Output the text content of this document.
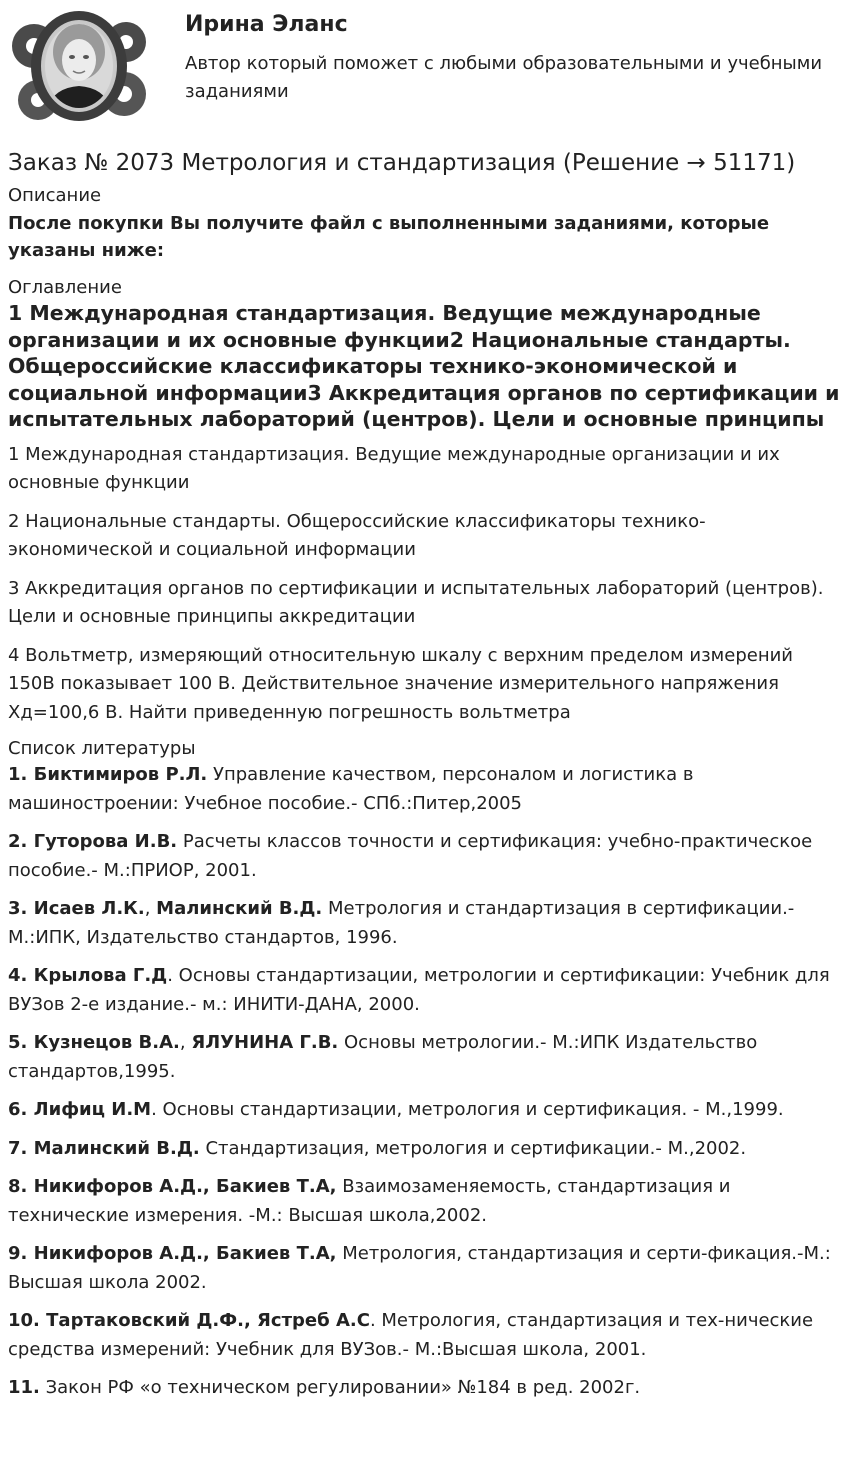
Ирина Эланс
Автор который поможет с любыми образовательными и учебными заданиями
Заказ № 2073 Метрология и стандартизация (Решение → 51171)

Описание

После покупки Вы получите файл с выполненными заданиями, которые указаны ниже:

Оглавление

1 Международная стандартизация. Ведущие международные организации и их основные функции2 Национальные стандарты. Общероссийские классификаторы технико-экономической и социальной информации3 Аккредитация органов по сертификации и испытательных лабораторий (центров). Цели и основные принципы

1 Международная стандартизация. Ведущие международные организации и их основные функции

2 Национальные стандарты. Общероссийские классификаторы технико-экономической и социальной информации

3 Аккредитация органов по сертификации и испытательных лабораторий (центров). Цели и основные принципы аккредитации

4 Вольтметр, измеряющий относительную шкалу с верхним пределом измерений 150В показывает 100 В. Действительное значение измерительного напряжения Хд=100,6 В. Найти приведенную погрешность вольтметра

Список литературы

1. Биктимиров Р.Л. Управление качеством, персоналом и логистика в машиностроении: Учебное пособие.- СПб.:Питер,2005

2. Гуторова И.В. Расчеты классов точности и сертификация: учебно-практическое пособие.- М.:ПРИОР, 2001.

3. Исаев Л.К., Малинский В.Д. Метрология и стандартизация в сертификации.- М.:ИПК, Издательство стандартов, 1996.

4. Крылова Г.Д. Основы стандартизации, метрологии и сертификации: Учебник для ВУЗов 2-е издание.- м.: ИНИТИ-ДАНА, 2000.

5. Кузнецов В.А., ЯЛУНИНА Г.В. Основы метрологии.- М.:ИПК Издательство стандартов,1995.

6. Лифиц И.М. Основы стандартизации, метрология и сертификация. - М.,1999.

7. Малинский В.Д. Стандартизация, метрология и сертификации.- М.,2002.

8. Никифоров А.Д., Бакиев Т.А, Взаимозаменяемость, стандартизация и технические измерения. -М.: Высшая школа,2002.

9. Никифоров А.Д., Бакиев Т.А, Метрология, стандартизация и серти-фикация.-М.: Высшая школа 2002.

10. Тартаковский Д.Ф., Ястреб А.С. Метрология, стандартизация и тех-нические средства измерений: Учебник для ВУЗов.- М.:Высшая школа, 2001.

11. Закон РФ «о техническом регулировании» №184 в ред. 2002г.
